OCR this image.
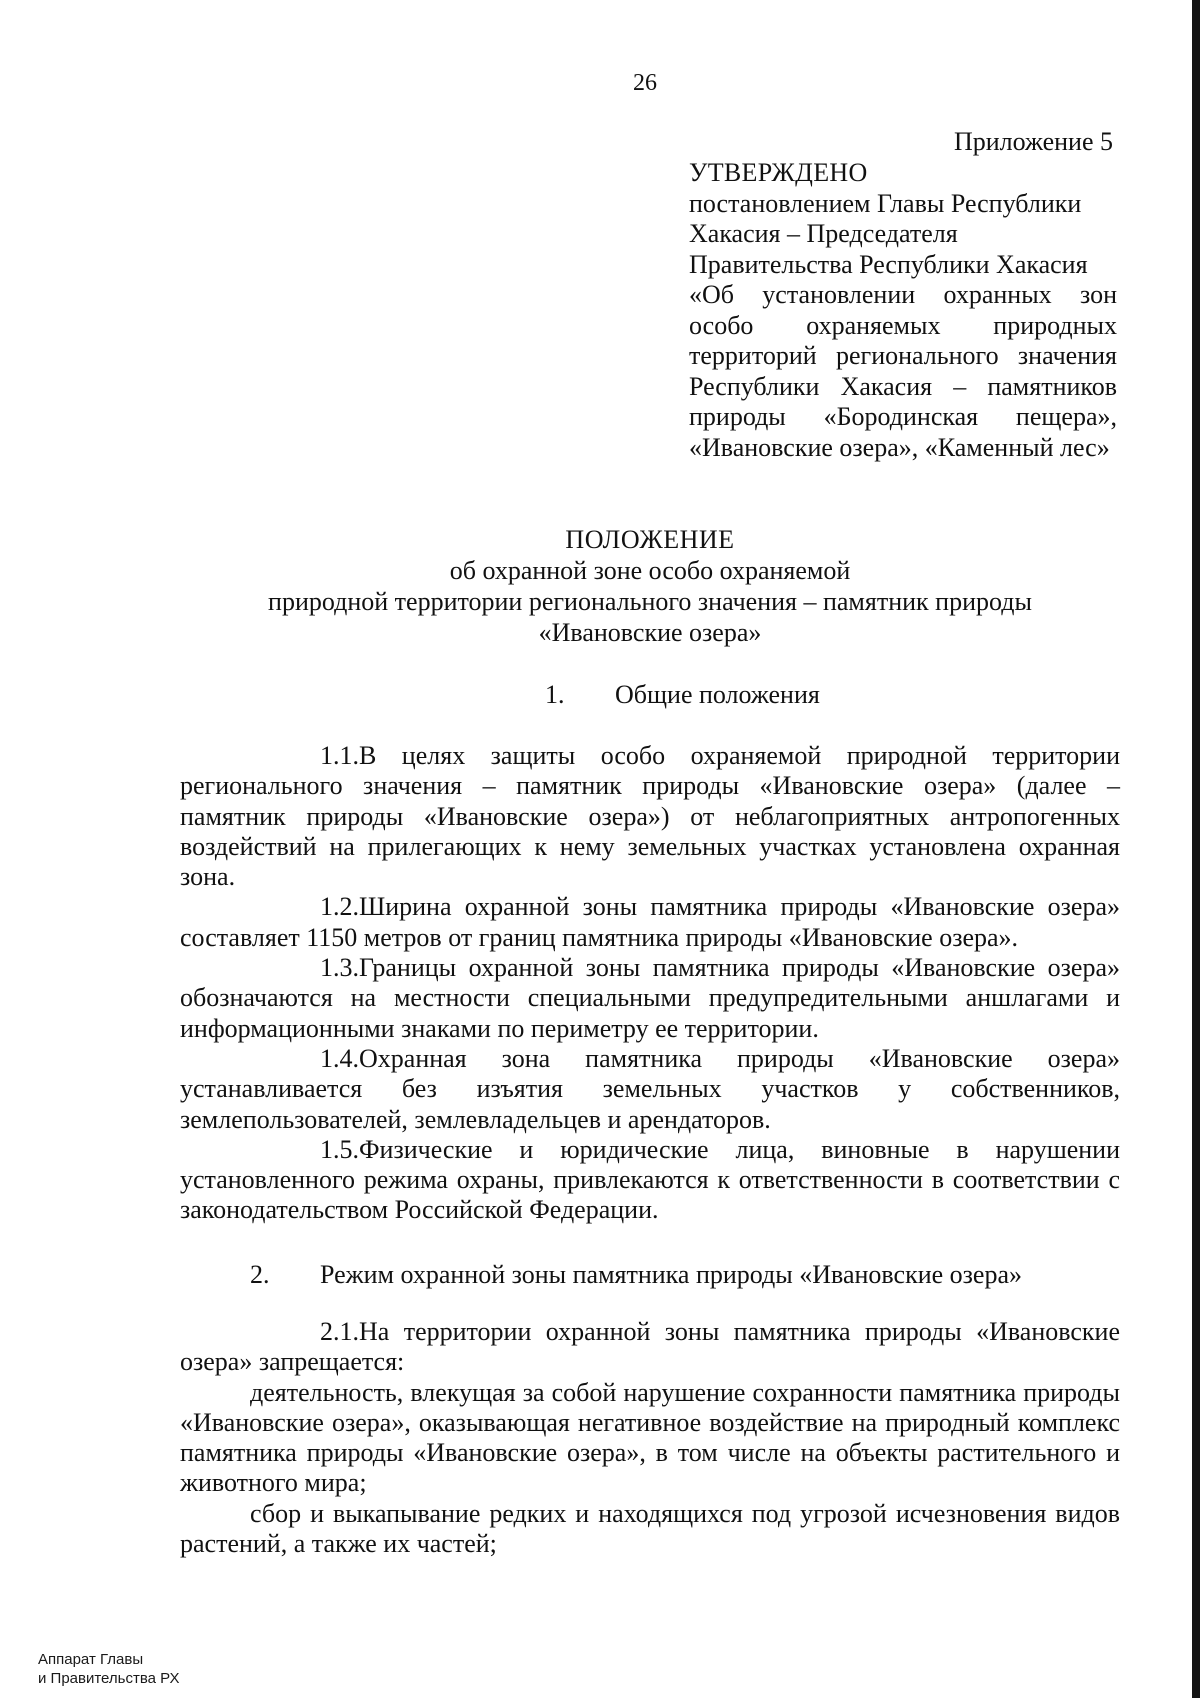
26
Приложение 5
УТВЕРЖДЕНО
постановлением Главы Республики
Хакасия – Председателя
Правительства Республики Хакасия
«Об установлении охранных зон
особо охраняемых природных
территорий регионального значения
Республики Хакасия – памятников
природы «Бородинская пещера»,
«Ивановские озера», «Каменный лес»
ПОЛОЖЕНИЕ
об охранной зоне особо охраняемой
природной территории регионального значения – памятник природы
«Ивановские озера»
1. Общие положения

1.1.В целях защиты особо охраняемой природной территории регионального значения – памятник природы «Ивановские озера» (далее – памятник природы «Ивановские озера») от неблагоприятных антропогенных воздействий на прилегающих к нему земельных участках установлена охранная зона.

1.2.Ширина охранной зоны памятника природы «Ивановские озера» составляет 1150 метров от границ памятника природы «Ивановские озера».

1.3.Границы охранной зоны памятника природы «Ивановские озера» обозначаются на местности специальными предупредительными аншлагами и информационными знаками по периметру ее территории.

1.4.Охранная зона памятника природы «Ивановские озера» устанавливается без изъятия земельных участков у собственников, землепользователей, землевладельцев и арендаторов.

1.5.Физические и юридические лица, виновные в нарушении установленного режима охраны, привлекаются к ответственности в соответствии с законодательством Российской Федерации.

2. Режим охранной зоны памятника природы «Ивановские озера»

2.1.На территории охранной зоны памятника природы «Ивановские озера» запрещается:

деятельность, влекущая за собой нарушение сохранности памятника природы «Ивановские озера», оказывающая негативное воздействие на природный комплекс памятника природы «Ивановские озера», в том числе на объекты растительного и животного мира;

сбор и выкапывание редких и находящихся под угрозой исчезновения видов растений, а также их частей;

Аппарат Главы
и Правительства РХ
